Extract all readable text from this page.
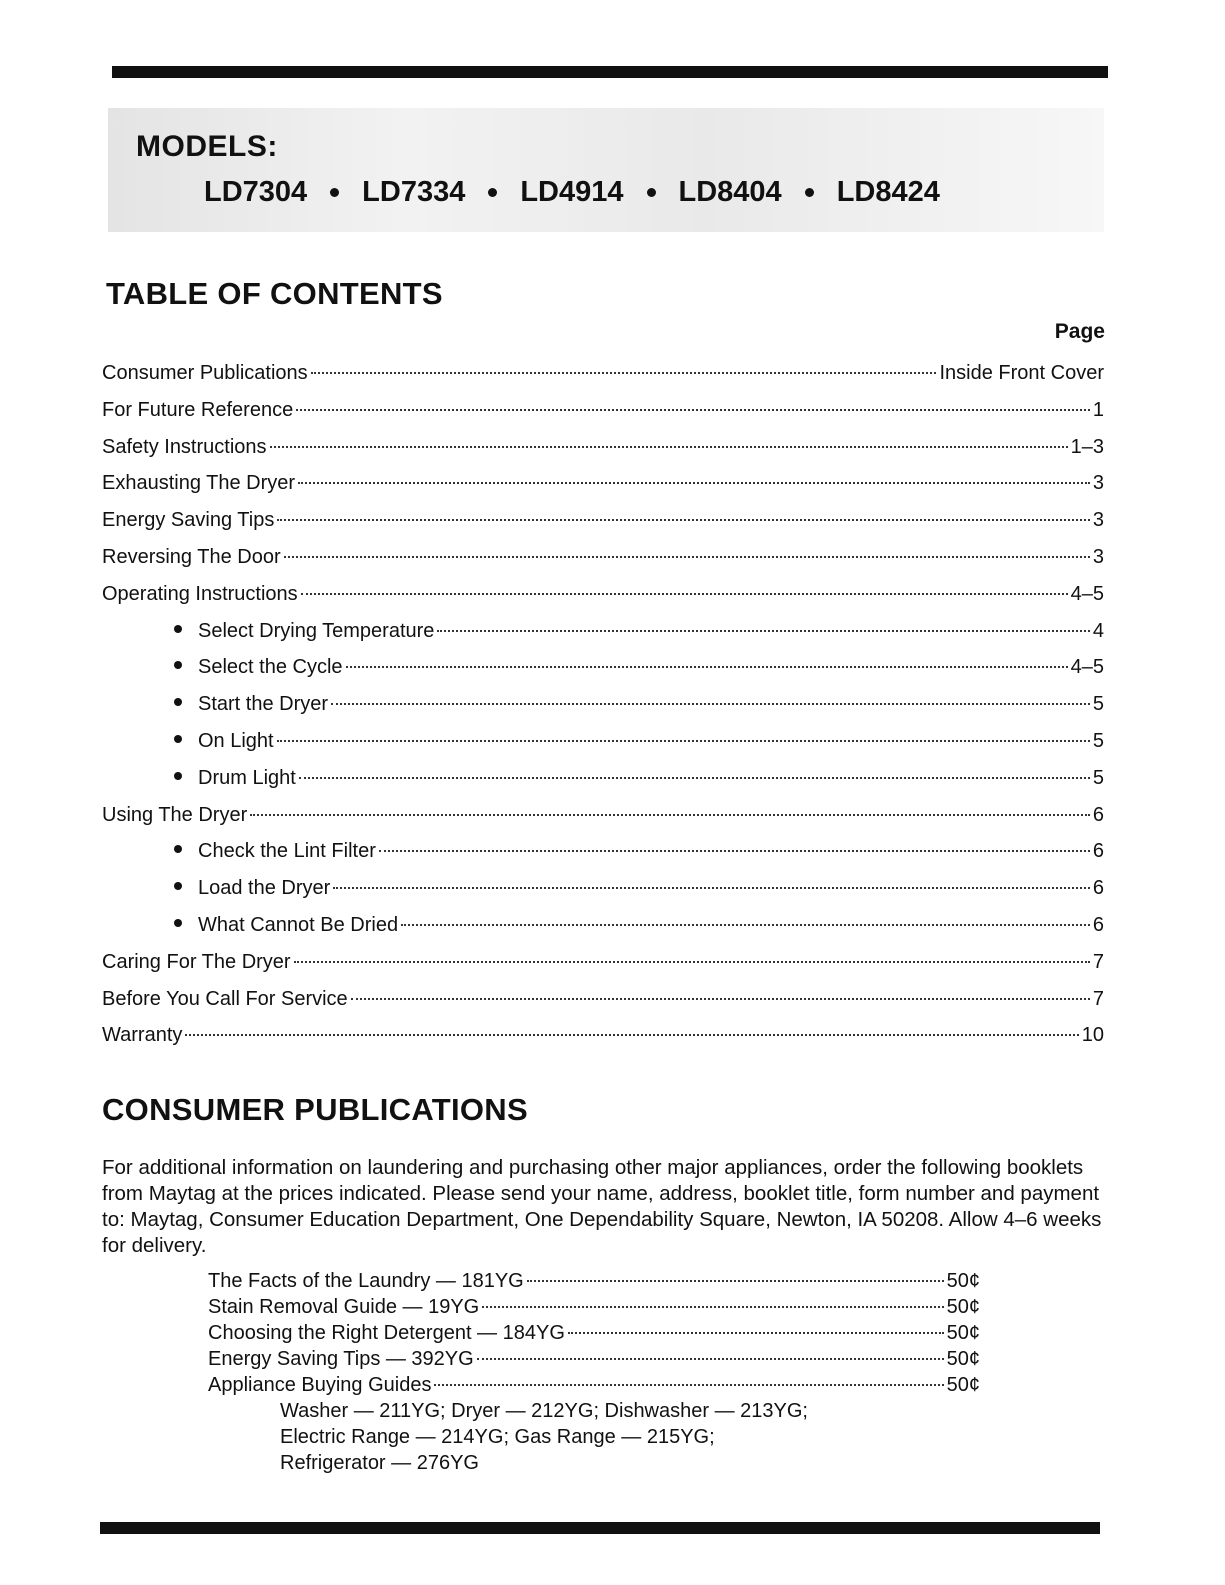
MODELS:
LD7304 LD7334 LD4914 LD8404 LD8424
TABLE OF CONTENTS
Page
Consumer Publications	Inside Front Cover
For Future Reference	1
Safety Instructions	1–3
Exhausting The Dryer	3
Energy Saving Tips	3
Reversing The Door	3
Operating Instructions	4–5
Select Drying Temperature	4
Select the Cycle	4–5
Start the Dryer	5
On Light	5
Drum Light	5
Using The Dryer	6
Check the Lint Filter	6
Load the Dryer	6
What Cannot Be Dried	6
Caring For The Dryer	7
Before You Call For Service	7
Warranty	10
CONSUMER PUBLICATIONS
For additional information on laundering and purchasing other major appliances, order the following booklets from Maytag at the prices indicated. Please send your name, address, booklet title, form number and payment to: Maytag, Consumer Education Department, One Dependability Square, Newton, IA 50208. Allow 4–6 weeks for delivery.
The Facts of the Laundry — 181YG	50¢
Stain Removal Guide — 19YG	50¢
Choosing the Right Detergent — 184YG	50¢
Energy Saving Tips — 392YG	50¢
Appliance Buying Guides	50¢
Washer — 211YG; Dryer — 212YG; Dishwasher — 213YG;
Electric Range — 214YG; Gas Range — 215YG;
Refrigerator — 276YG
